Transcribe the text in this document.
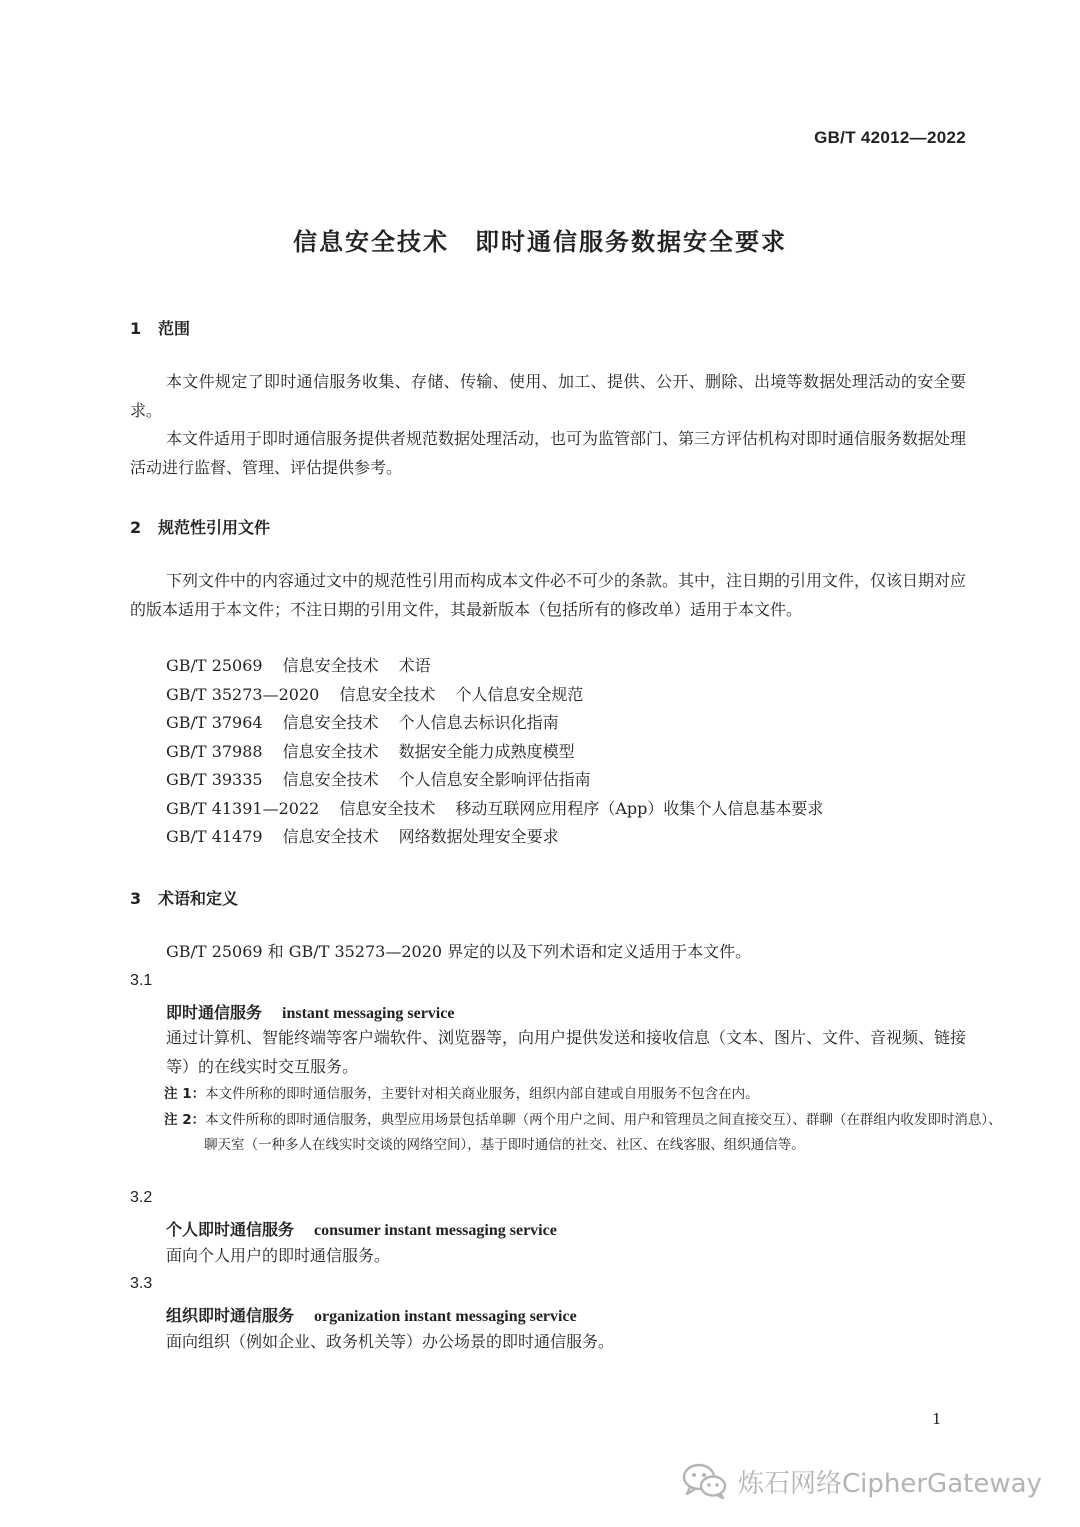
GB/T 42012—2022
信息安全技术　即时通信服务数据安全要求
1 范围
本文件规定了即时通信服务收集、存储、传输、使用、加工、提供、公开、删除、出境等数据处理活动的安全要求。
本文件适用于即时通信服务提供者规范数据处理活动，也可为监管部门、第三方评估机构对即时通信服务数据处理活动进行监督、管理、评估提供参考。
2 规范性引用文件
下列文件中的内容通过文中的规范性引用而构成本文件必不可少的条款。其中，注日期的引用文件，仅该日期对应的版本适用于本文件；不注日期的引用文件，其最新版本（包括所有的修改单）适用于本文件。
GB/T 25069 信息安全技术 术语
GB/T 35273—2020 信息安全技术 个人信息安全规范
GB/T 37964 信息安全技术 个人信息去标识化指南
GB/T 37988 信息安全技术 数据安全能力成熟度模型
GB/T 39335 信息安全技术 个人信息安全影响评估指南
GB/T 41391—2022 信息安全技术 移动互联网应用程序（App）收集个人信息基本要求
GB/T 41479 信息安全技术 网络数据处理安全要求
3 术语和定义
GB/T 25069 和 GB/T 35273—2020 界定的以及下列术语和定义适用于本文件。
3.1
即时通信服务 instant messaging service
通过计算机、智能终端等客户端软件、浏览器等，向用户提供发送和接收信息（文本、图片、文件、音视频、链接等）的在线实时交互服务。
注 1：本文件所称的即时通信服务，主要针对相关商业服务，组织内部自建或自用服务不包含在内。
注 2：本文件所称的即时通信服务，典型应用场景包括单聊（两个用户之间、用户和管理员之间直接交互）、群聊（在群组内收发即时消息）、聊天室（一种多人在线实时交谈的网络空间），基于即时通信的社交、社区、在线客服、组织通信等。
3.2
个人即时通信服务 consumer instant messaging service
面向个人用户的即时通信服务。
3.3
组织即时通信服务 organization instant messaging service
面向组织（例如企业、政务机关等）办公场景的即时通信服务。
1
炼石网络CipherGateway
